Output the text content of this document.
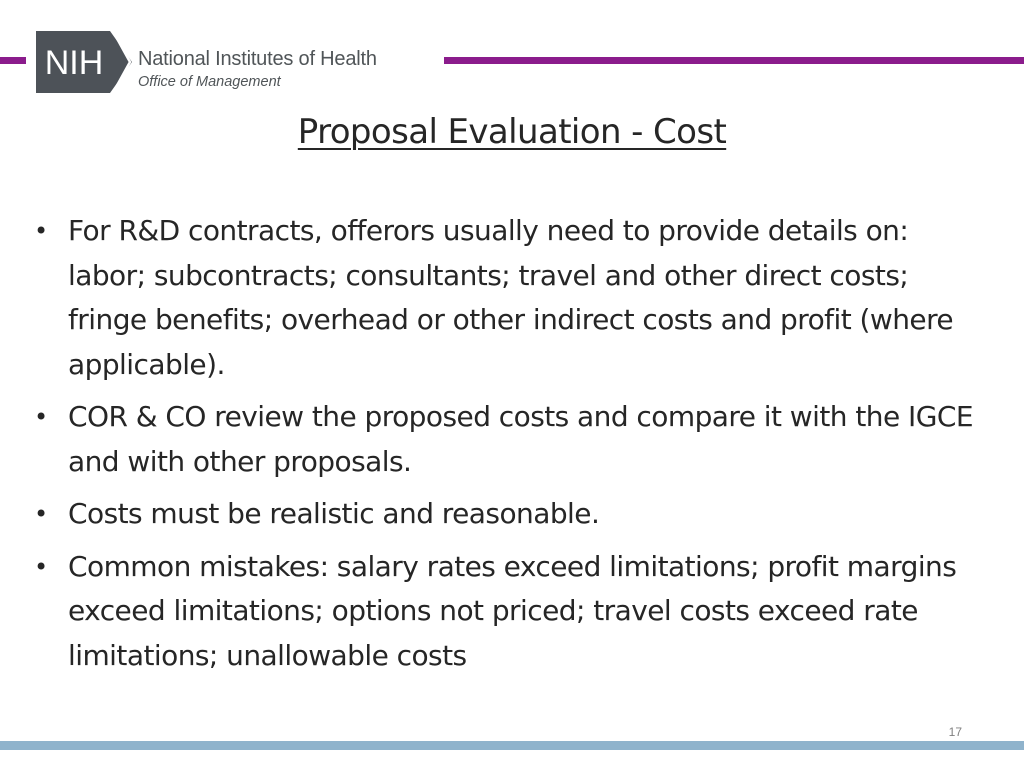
NIH National Institutes of Health
Office of Management
Proposal Evaluation - Cost
• For R&D contracts, offerors usually need to provide details on: labor; subcontracts; consultants; travel and other direct costs; fringe benefits; overhead or other indirect costs and profit (where applicable).
• COR & CO review the proposed costs and compare it with the IGCE and with other proposals.
• Costs must be realistic and reasonable.
• Common mistakes: salary rates exceed limitations; profit margins exceed limitations; options not priced; travel costs exceed rate limitations; unallowable costs
17
